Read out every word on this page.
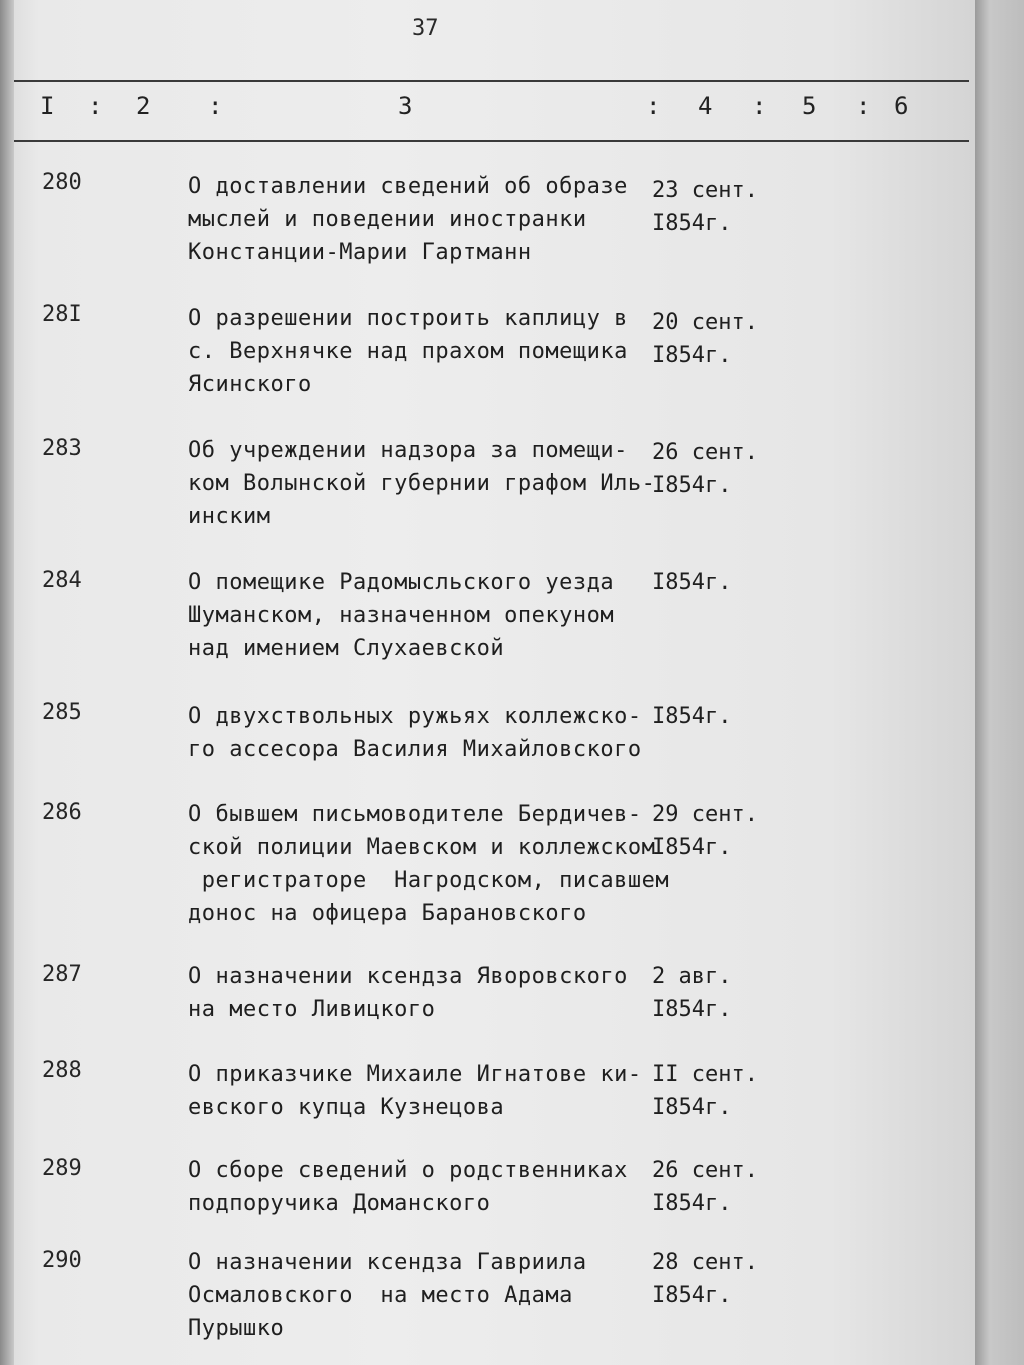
37
I : 2 :	3	: 4 : 5 : 6
280	О доставлении сведений об образе
мыслей и поведении иностранки
Констанции-Марии Гартманн
23 сент.
I854г.
28I	О разрешении построить каплицу в
с. Верхнячке над прахом помещика
Ясинского
20 сент.
I854г.
283	Об учреждении надзора за помещи-
ком Волынской губернии графом Иль-
инским
26 сент.
I854г.
284	О помещике Радомысльского уезда
Шуманском, назначенном опекуном
над имением Слухаевской
I854г.
285	О двухствольных ружьях коллежско-
го ассесора Василия Михайловского
I854г.
286	О бывшем письмоводителе Бердичев-
ской полиции Маевском и коллежском
регистраторе  Нагродском, писавшем
донос на офицера Барановского
29 сент.
I854г.
287	О назначении ксендза Яворовского
на место Ливицкого
2 авг.
I854г.
288	О приказчике Михаиле Игнатове ки-
евского купца Кузнецова
II сент.
I854г.
289	О сборе сведений о родственниках
подпоручика Доманского
26 сент.
I854г.
290	О назначении ксендза Гавриила
Осмаловского  на место Адама
Пурышко
28 сент.
I854г.
